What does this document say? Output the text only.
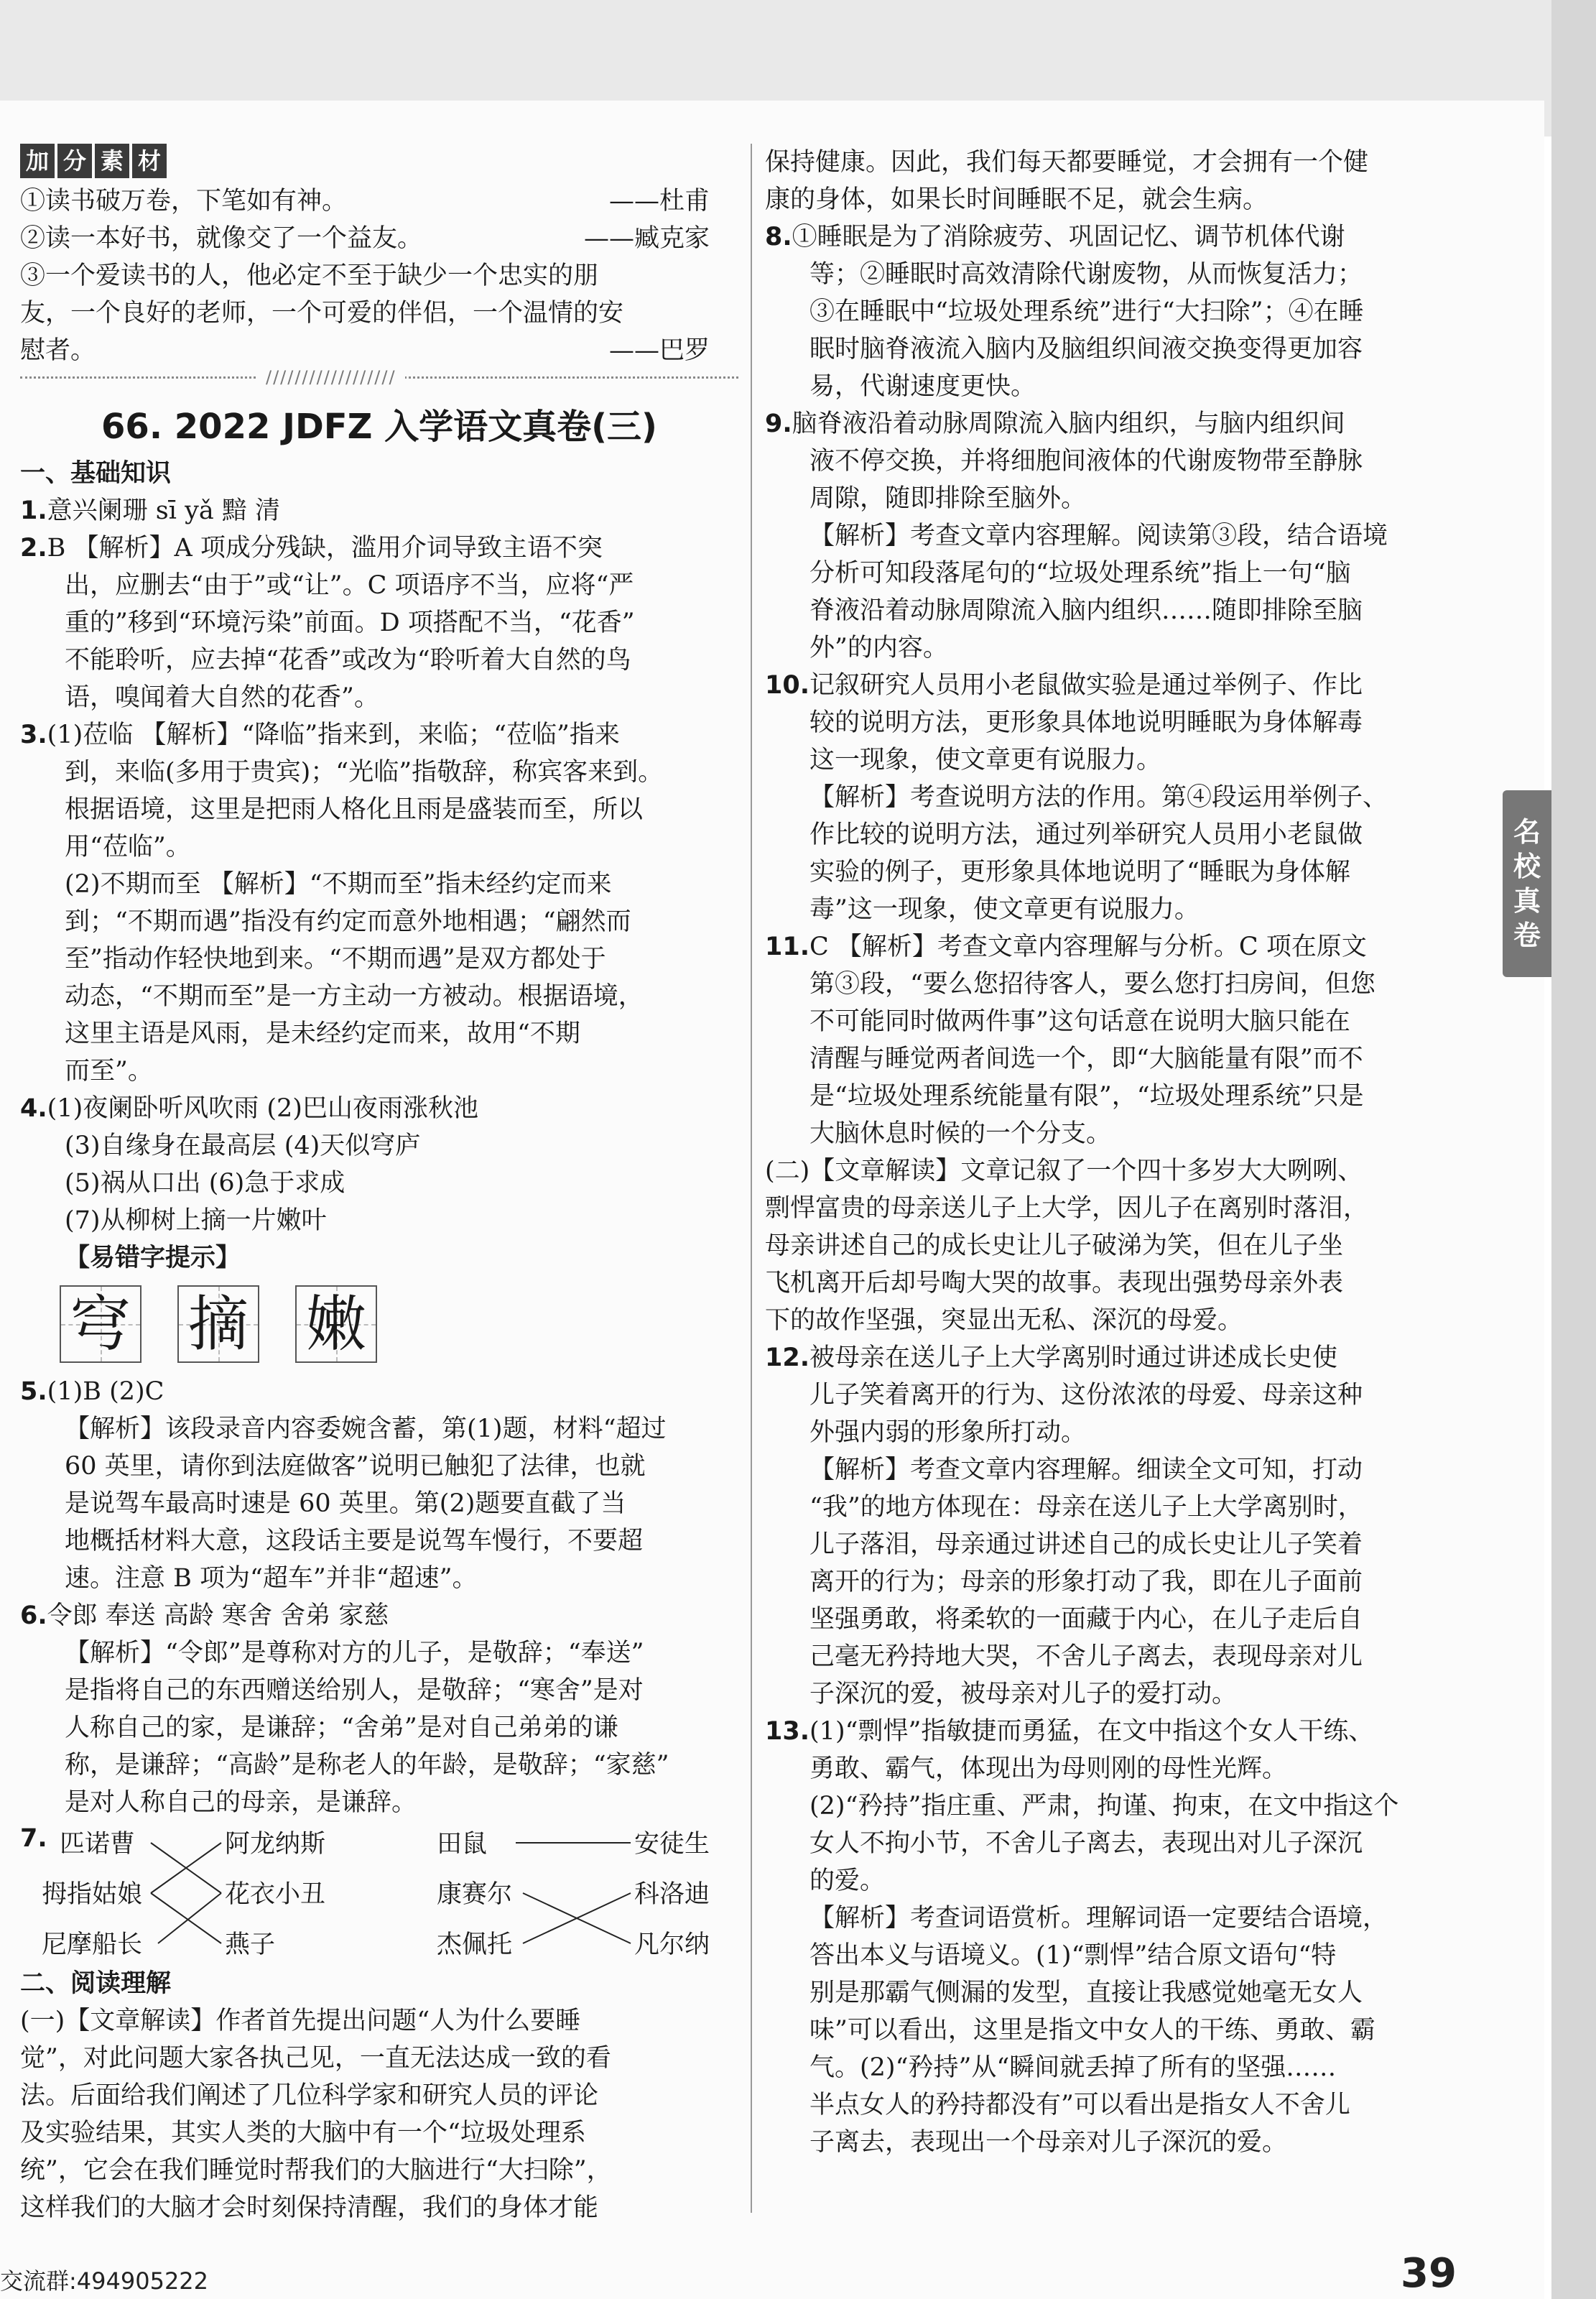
加 分 素 材
①读书破万卷，下笔如有神。	——杜甫
②读一本好书，就像交了一个益友。	——臧克家
③一个爱读书的人，他必定不至于缺少一个忠实的朋
友，一个良好的老师，一个可爱的伴侣，一个温情的安
慰者。	——巴罗
//////////////////
66. 2022 JDFZ 入学语文真卷(三)
一、基础知识
1.意兴阑珊 sī yǎ 黯 清
2.B 【解析】A 项成分残缺，滥用介词导致主语不突
出，应删去“由于”或“让”。C 项语序不当，应将“严
重的”移到“环境污染”前面。D 项搭配不当，“花香”
不能聆听，应去掉“花香”或改为“聆听着大自然的鸟
语，嗅闻着大自然的花香”。
3.(1)莅临 【解析】“降临”指来到，来临；“莅临”指来
到，来临(多用于贵宾)；“光临”指敬辞，称宾客来到。
根据语境，这里是把雨人格化且雨是盛装而至，所以
用“莅临”。
(2)不期而至 【解析】“不期而至”指未经约定而来
到；“不期而遇”指没有约定而意外地相遇；“翩然而
至”指动作轻快地到来。“不期而遇”是双方都处于
动态，“不期而至”是一方主动一方被动。根据语境，
这里主语是风雨，是未经约定而来，故用“不期
而至”。
4.(1)夜阑卧听风吹雨 (2)巴山夜雨涨秋池
(3)自缘身在最高层 (4)天似穹庐
(5)祸从口出 (6)急于求成
(7)从柳树上摘一片嫩叶
【易错字提示】
穹 摘 嫩
5.(1)B (2)C
【解析】该段录音内容委婉含蓄，第(1)题，材料“超过
60 英里，请你到法庭做客”说明已触犯了法律，也就
是说驾车最高时速是 60 英里。第(2)题要直截了当
地概括材料大意，这段话主要是说驾车慢行，不要超
速。注意 B 项为“超车”并非“超速”。
6.令郎 奉送 高龄 寒舍 舍弟 家慈
【解析】“令郎”是尊称对方的儿子，是敬辞；“奉送”
是指将自己的东西赠送给别人，是敬辞；“寒舍”是对
人称自己的家，是谦辞；“舍弟”是对自己弟弟的谦
称，是谦辞；“高龄”是称老人的年龄，是敬辞；“家慈”
是对人称自己的母亲，是谦辞。
7. 匹诺曹
拇指姑娘
尼摩船长
阿龙纳斯
花衣小丑
燕子
田鼠
康赛尔
杰佩托
安徒生
科洛迪
凡尔纳
二、阅读理解
(一)【文章解读】作者首先提出问题“人为什么要睡
觉”，对此问题大家各执己见，一直无法达成一致的看
法。后面给我们阐述了几位科学家和研究人员的评论
及实验结果，其实人类的大脑中有一个“垃圾处理系
统”，它会在我们睡觉时帮我们的大脑进行“大扫除”，
这样我们的大脑才会时刻保持清醒，我们的身体才能
保持健康。因此，我们每天都要睡觉，才会拥有一个健
康的身体，如果长时间睡眠不足，就会生病。
8.①睡眠是为了消除疲劳、巩固记忆、调节机体代谢
等；②睡眠时高效清除代谢废物，从而恢复活力；
③在睡眠中“垃圾处理系统”进行“大扫除”；④在睡
眠时脑脊液流入脑内及脑组织间液交换变得更加容
易，代谢速度更快。
9.脑脊液沿着动脉周隙流入脑内组织，与脑内组织间
液不停交换，并将细胞间液体的代谢废物带至静脉
周隙，随即排除至脑外。
【解析】考查文章内容理解。阅读第③段，结合语境
分析可知段落尾句的“垃圾处理系统”指上一句“脑
脊液沿着动脉周隙流入脑内组织……随即排除至脑
外”的内容。
10.记叙研究人员用小老鼠做实验是通过举例子、作比
较的说明方法，更形象具体地说明睡眠为身体解毒
这一现象，使文章更有说服力。
【解析】考查说明方法的作用。第④段运用举例子、
作比较的说明方法，通过列举研究人员用小老鼠做
实验的例子，更形象具体地说明了“睡眠为身体解
毒”这一现象，使文章更有说服力。
11.C 【解析】考查文章内容理解与分析。C 项在原文
第③段，“要么您招待客人，要么您打扫房间，但您
不可能同时做两件事”这句话意在说明大脑只能在
清醒与睡觉两者间选一个，即“大脑能量有限”而不
是“垃圾处理系统能量有限”，“垃圾处理系统”只是
大脑休息时候的一个分支。
(二)【文章解读】文章记叙了一个四十多岁大大咧咧、
剽悍富贵的母亲送儿子上大学，因儿子在离别时落泪，
母亲讲述自己的成长史让儿子破涕为笑，但在儿子坐
飞机离开后却号啕大哭的故事。表现出强势母亲外表
下的故作坚强，突显出无私、深沉的母爱。
12.被母亲在送儿子上大学离别时通过讲述成长史使
儿子笑着离开的行为、这份浓浓的母爱、母亲这种
外强内弱的形象所打动。
【解析】考查文章内容理解。细读全文可知，打动
“我”的地方体现在：母亲在送儿子上大学离别时，
儿子落泪，母亲通过讲述自己的成长史让儿子笑着
离开的行为；母亲的形象打动了我，即在儿子面前
坚强勇敢，将柔软的一面藏于内心，在儿子走后自
己毫无矜持地大哭，不舍儿子离去，表现母亲对儿
子深沉的爱，被母亲对儿子的爱打动。
13.(1)“剽悍”指敏捷而勇猛，在文中指这个女人干练、
勇敢、霸气，体现出为母则刚的母性光辉。
(2)“矜持”指庄重、严肃，拘谨、拘束，在文中指这个
女人不拘小节，不舍儿子离去，表现出对儿子深沉
的爱。
【解析】考查词语赏析。理解词语一定要结合语境，
答出本义与语境义。(1)“剽悍”结合原文语句“特
别是那霸气侧漏的发型，直接让我感觉她毫无女人
味”可以看出，这里是指文中女人的干练、勇敢、霸
气。(2)“矜持”从“瞬间就丢掉了所有的坚强……
半点女人的矜持都没有”可以看出是指女人不舍儿
子离去，表现出一个母亲对儿子深沉的爱。
名
校
真
卷
交流群:494905222	39
